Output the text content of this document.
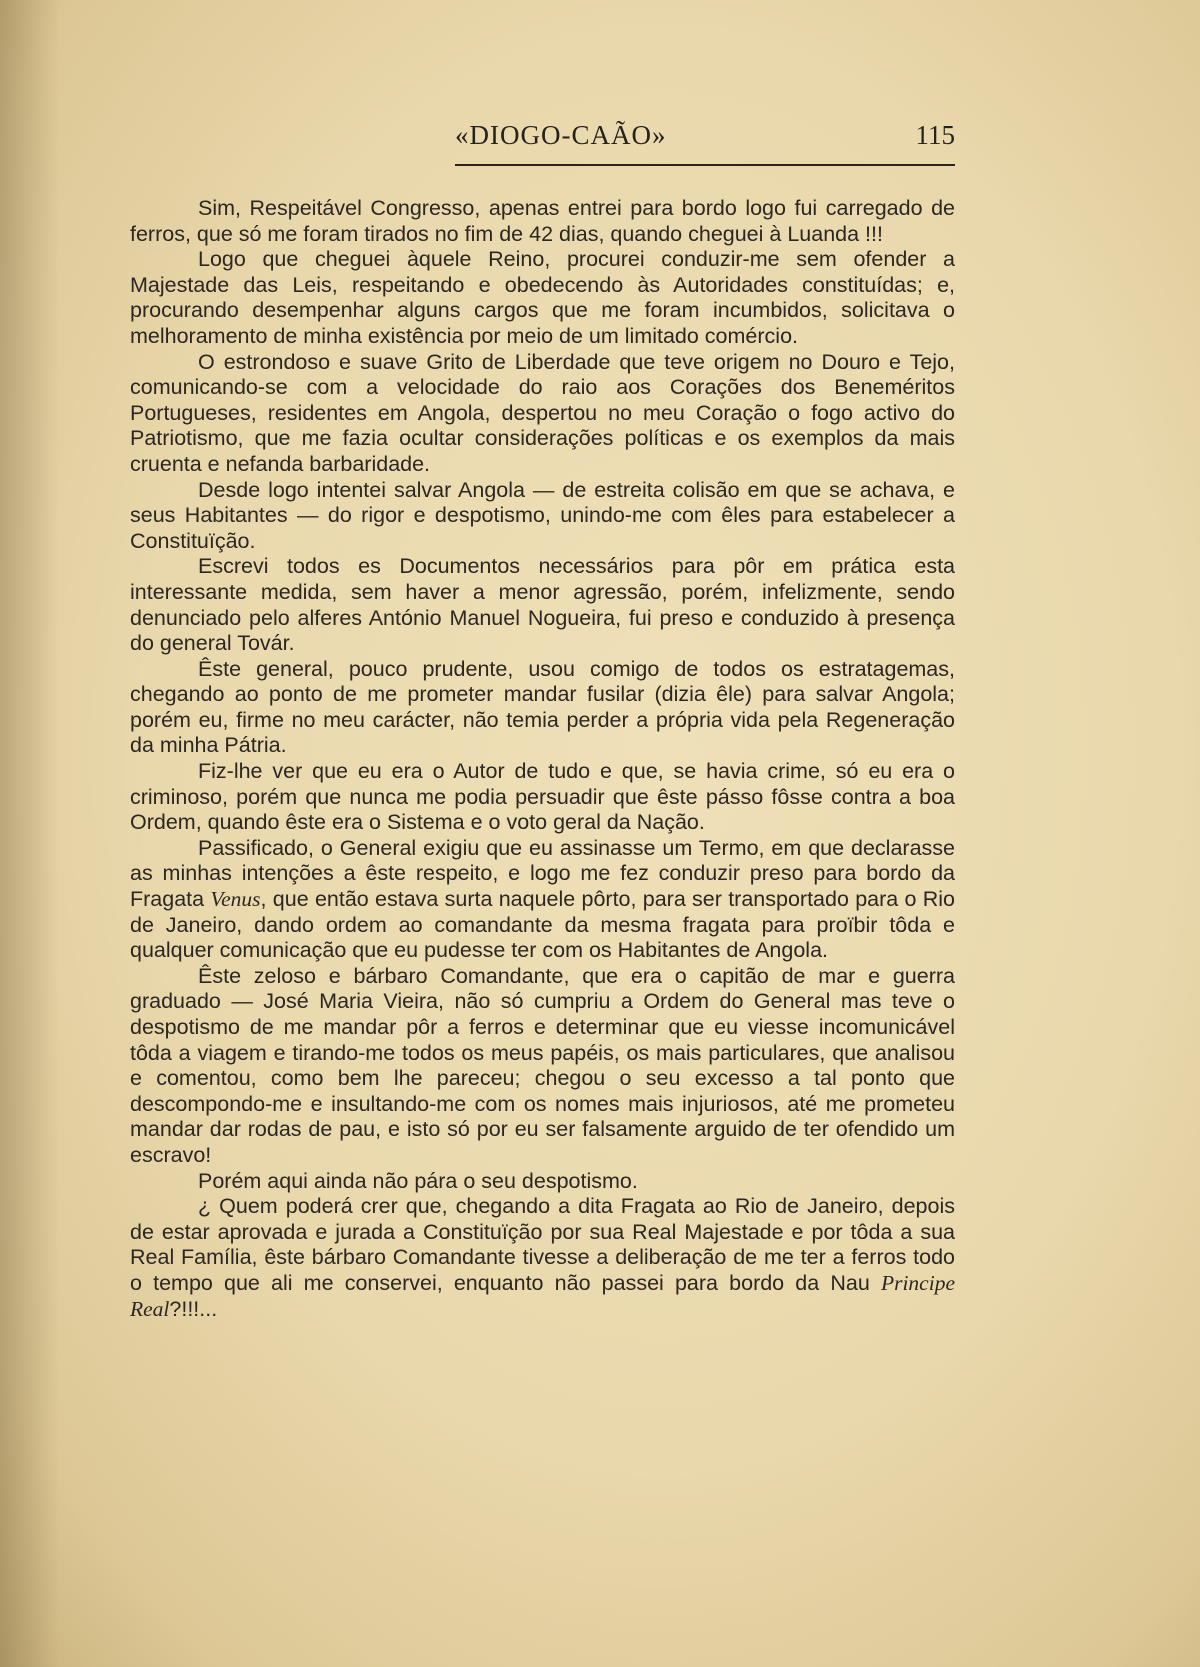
«DIOGO-CAÃO»	115

Sim, Respeitável Congresso, apenas entrei para bordo logo fui carregado de ferros, que só me foram tirados no fim de 42 dias, quando cheguei à Luanda !!!

Logo que cheguei àquele Reino, procurei conduzir-me sem ofender a Majestade das Leis, respeitando e obedecendo às Autoridades constituídas; e, procurando desempenhar alguns cargos que me foram incumbidos, solicitava o melhoramento de minha existência por meio de um limitado comércio.

O estrondoso e suave Grito de Liberdade que teve origem no Douro e Tejo, comunicando-se com a velocidade do raio aos Corações dos Beneméritos Portugueses, residentes em Angola, despertou no meu Coração o fogo activo do Patriotismo, que me fazia ocultar considerações políticas e os exemplos da mais cruenta e nefanda barbaridade.

Desde logo intentei salvar Angola — de estreita colisão em que se achava, e seus Habitantes — do rigor e despotismo, unindo-me com êles para estabelecer a Constituïção.

Escrevi todos es Documentos necessários para pôr em prática esta interessante medida, sem haver a menor agressão, porém, infelizmente, sendo denunciado pelo alferes António Manuel Nogueira, fui preso e conduzido à presença do general Továr.

Êste general, pouco prudente, usou comigo de todos os estratagemas, chegando ao ponto de me prometer mandar fusilar (dizia êle) para salvar Angola; porém eu, firme no meu carácter, não temia perder a própria vida pela Regeneração da minha Pátria.

Fiz-lhe ver que eu era o Autor de tudo e que, se havia crime, só eu era o criminoso, porém que nunca me podia persuadir que êste pásso fôsse contra a boa Ordem, quando êste era o Sistema e o voto geral da Nação.

Passificado, o General exigiu que eu assinasse um Termo, em que declarasse as minhas intenções a êste respeito, e logo me fez conduzir preso para bordo da Fragata Venus, que então estava surta naquele pôrto, para ser transportado para o Rio de Janeiro, dando ordem ao comandante da mesma fragata para proïbir tôda e qualquer comunicação que eu pudesse ter com os Habitantes de Angola.

Êste zeloso e bárbaro Comandante, que era o capitão de mar e guerra graduado — José Maria Vieira, não só cumpriu a Ordem do General mas teve o despotismo de me mandar pôr a ferros e determinar que eu viesse incomunicável tôda a viagem e tirando-me todos os meus papéis, os mais particulares, que analisou e comentou, como bem lhe pareceu; chegou o seu excesso a tal ponto que descompondo-me e insultando-me com os nomes mais injuriosos, até me prometeu mandar dar rodas de pau, e isto só por eu ser falsamente arguido de ter ofendido um escravo!

Porém aqui ainda não pára o seu despotismo.

¿ Quem poderá crer que, chegando a dita Fragata ao Rio de Janeiro, depois de estar aprovada e jurada a Constituïção por sua Real Majestade e por tôda a sua Real Família, êste bárbaro Comandante tivesse a deliberação de me ter a ferros todo o tempo que ali me conservei, enquanto não passei para bordo da Nau Principe Real?!!!...
